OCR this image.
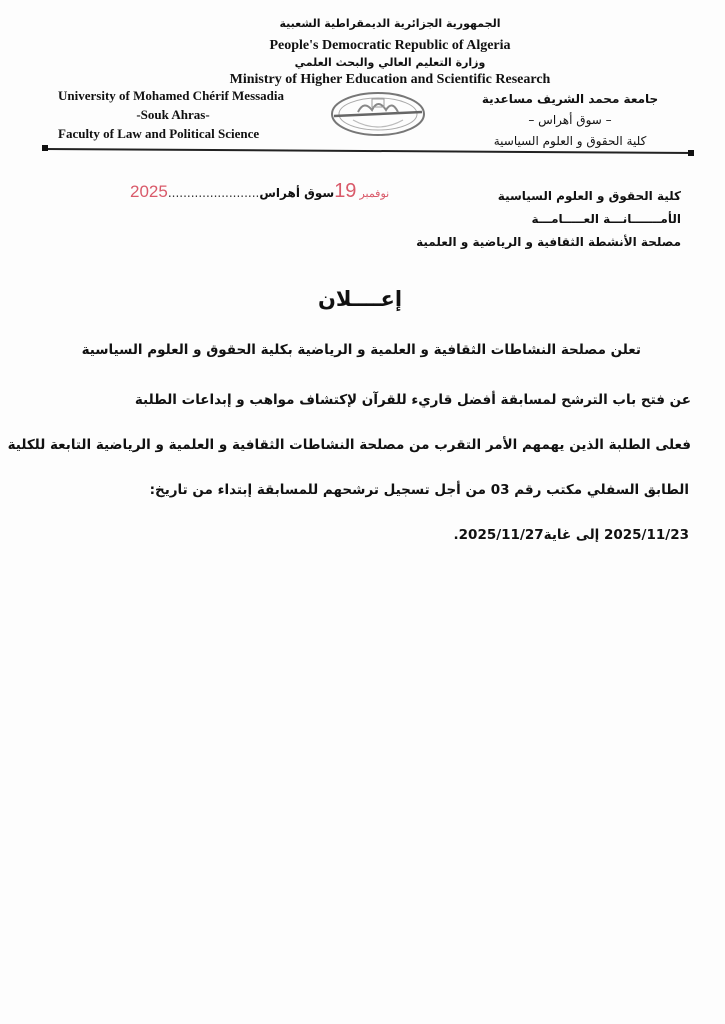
الجمهورية الجزائرية الديمقراطية الشعبية
People's Democratic Republic of Algeria
وزارة التعليم العالي والبحث العلمي
Ministry of Higher Education and Scientific Research
University of Mohamed Chérif Messadia
-Souk Ahras-
Faculty of Law and Political Science
جامعة محمد الشريف مساعدية
– سوق أهراس –
كلية الحقوق و العلوم السياسية
2025........................	نوفمبر19سوق أهراس	كلية الحقوق و العلوم السياسية
الأمـــــــانـــة العـــــامـــة
مصلحة الأنشطة الثقافية و الرياضية و العلمية
إعــــلان
تعلن مصلحة النشاطات الثقافية و العلمية و الرياضية بكلية الحقوق و العلوم السياسية
عن فتح باب الترشح لمسابقة أفضل قاريء للقرآن لإكتشاف مواهب و إبداعات الطلبة
فعلى الطلبة الذين يهمهم الأمر التقرب من مصلحة النشاطات الثقافية و العلمية و الرياضية التابعة للكلية
الطابق السفلي مكتب رقم 03 من أجل تسجيل ترشحهم للمسابقة إبتداء من تاريخ:
2025/11/23 إلى غاية2025/11/27.
